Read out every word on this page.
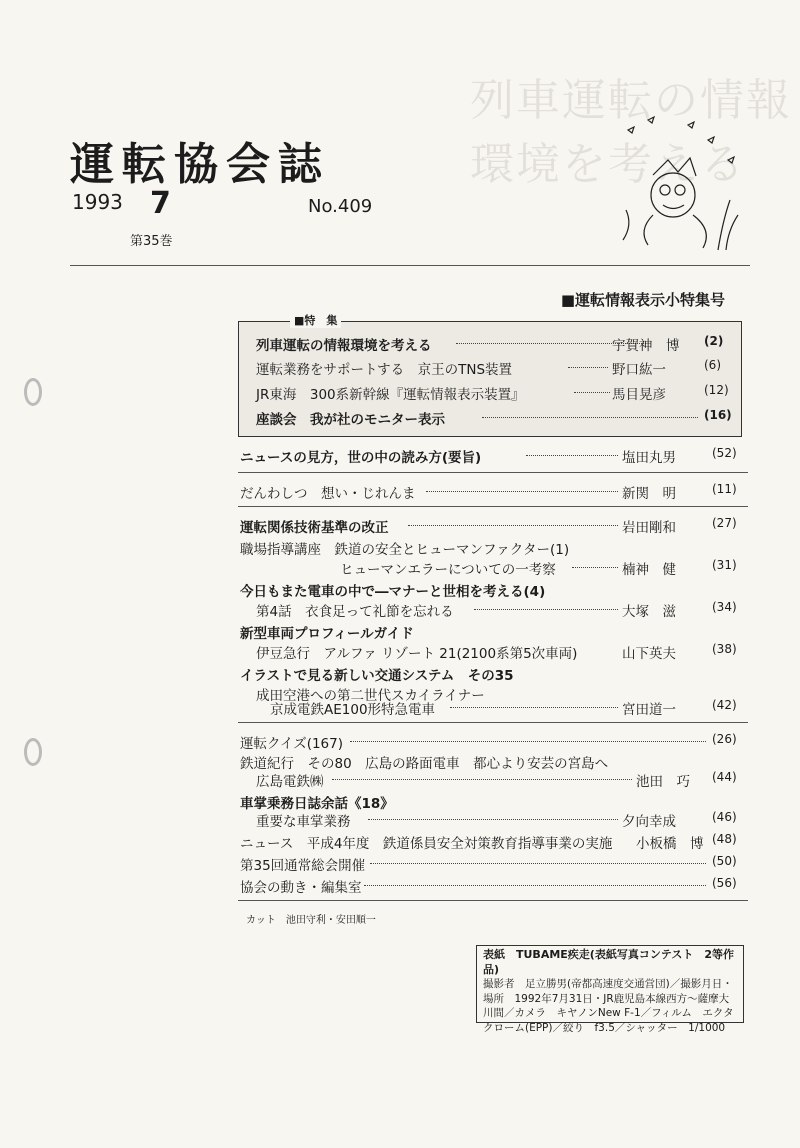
列車運転の情報環境を考える
運転協会誌
1993 7	No.409
第35巻
■運転情報表示小特集号
■特　集
列車運転の情報環境を考える	宇賀神　博 (2)
運転業務をサポートする　京王のTNS装置	野口紘一	(6)
JR東海　300系新幹線『運転情報表示装置』	馬目晃彦	(12)
座談会　我が社のモニター表示	(16)
ニュースの見方，世の中の読み方(要旨)	塩田丸男	(52)
だんわしつ　想い・じれんま	新関　明	(11)
運転関係技術基準の改正	岩田剛和	(27)
職場指導講座　鉄道の安全とヒューマンファクター(1)
ヒューマンエラーについての一考察	楠神　健	(31)
今日もまた電車の中で―マナーと世相を考える(4)
第4話　衣食足って礼節を忘れる	大塚　滋	(34)
新型車両プロフィールガイド
伊豆急行　アルファ リゾート 21(2100系第5次車両)	山下英夫	(38)
イラストで見る新しい交通システム　その35
成田空港への第二世代スカイライナー
京成電鉄AE100形特急電車	宮田道一	(42)
運転クイズ(167)	(26)
鉄道紀行　その80　広島の路面電車　都心より安芸の宮島へ
広島電鉄㈱	池田　巧 (44)
車掌乗務日誌余話《18》
重要な車掌業務	夕向幸成	(46)
ニュース　平成4年度　鉄道係員安全対策教育指導事業の実施 小板橋　博 (48)
第35回通常総会開催	(50)
協会の動き・編集室	(56)
カット　池田守利・安田順一
表紙　TUBAME疾走(表紙写真コンテスト　2等作品)
撮影者　足立勝男(帝都高速度交通営団)／撮影月日・場所　1992年7月31日・JR鹿児島本線西方～薩摩大川間／カメラ　キヤノンNew F-1／フィルム　エクタクローム(EPP)／絞り　f3.5／シャッター　1/1000
